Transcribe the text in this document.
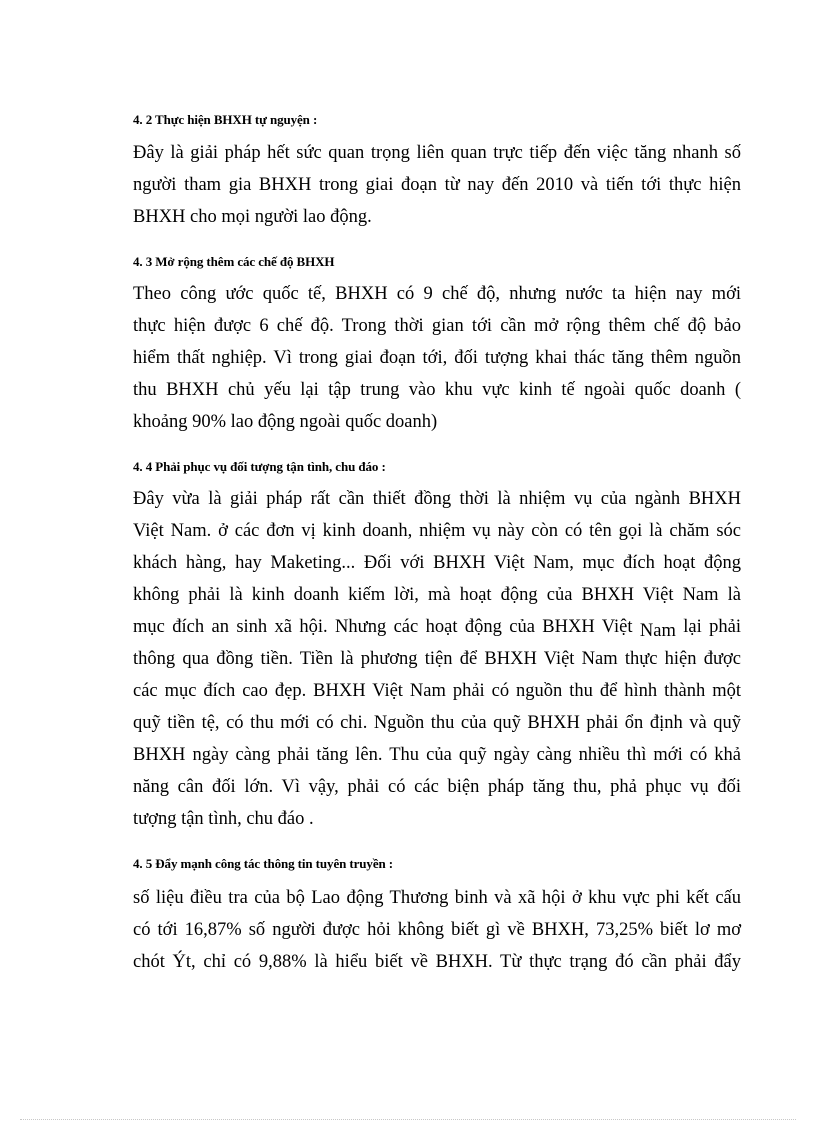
4. 2 Thực hiện BHXH tự nguyện :
Đây là giải pháp hết sức quan trọng liên quan trực tiếp đến việc tăng nhanh số
người tham gia BHXH trong giai đoạn từ nay đến 2010 và tiến tới thực hiện
BHXH cho mọi người lao động.
4. 3 Mở rộng thêm các chế độ BHXH
Theo công ước quốc tế, BHXH có 9 chế độ, nhưng nước ta hiện nay mới
thực hiện được 6 chế độ. Trong thời gian tới cần mở rộng thêm chế độ bảo
hiểm thất nghiệp. Vì trong giai đoạn tới, đối tượng khai thác tăng thêm nguồn
thu BHXH chủ yếu lại tập trung vào khu vực kinh tế ngoài quốc doanh (
khoảng 90% lao động ngoài quốc doanh)
4. 4 Phải phục vụ đối tượng tận tình, chu đáo :
Đây vừa là giải pháp rất cần thiết đồng thời là nhiệm vụ của ngành BHXH
Việt Nam. ở các đơn vị kinh doanh, nhiệm vụ này còn có tên gọi là chăm sóc
khách hàng, hay Maketing... Đối với BHXH Việt Nam, mục đích hoạt động
không phải là kinh doanh kiếm lời, mà hoạt động của BHXH Việt Nam là
mục đích an sinh xã hội. Nhưng các hoạt động của BHXH Việt Nam lại phải
thông qua đồng tiền. Tiền là phương tiện để BHXH Việt Nam thực hiện được
các mục đích cao đẹp. BHXH Việt Nam phải có nguồn thu để hình thành một
quỹ tiền tệ, có thu mới có chi. Nguồn thu của quỹ BHXH phải ổn định và quỹ
BHXH ngày càng phải tăng lên. Thu của quỹ ngày càng nhiều thì mới có khả
năng cân đối lớn. Vì vậy, phải có các biện pháp tăng thu, phả phục vụ đối
tượng tận tình, chu đáo .
4. 5 Đẩy mạnh công tác thông tin tuyên truyền :
số liệu điều tra của bộ Lao động Thương binh và xã hội ở khu vực phi kết cấu
có tới 16,87% số người được hỏi không biết gì về BHXH, 73,25% biết lơ mơ
chót Ýt, chỉ có 9,88% là hiểu biết về BHXH. Từ thực trạng đó cần phải đẩy
